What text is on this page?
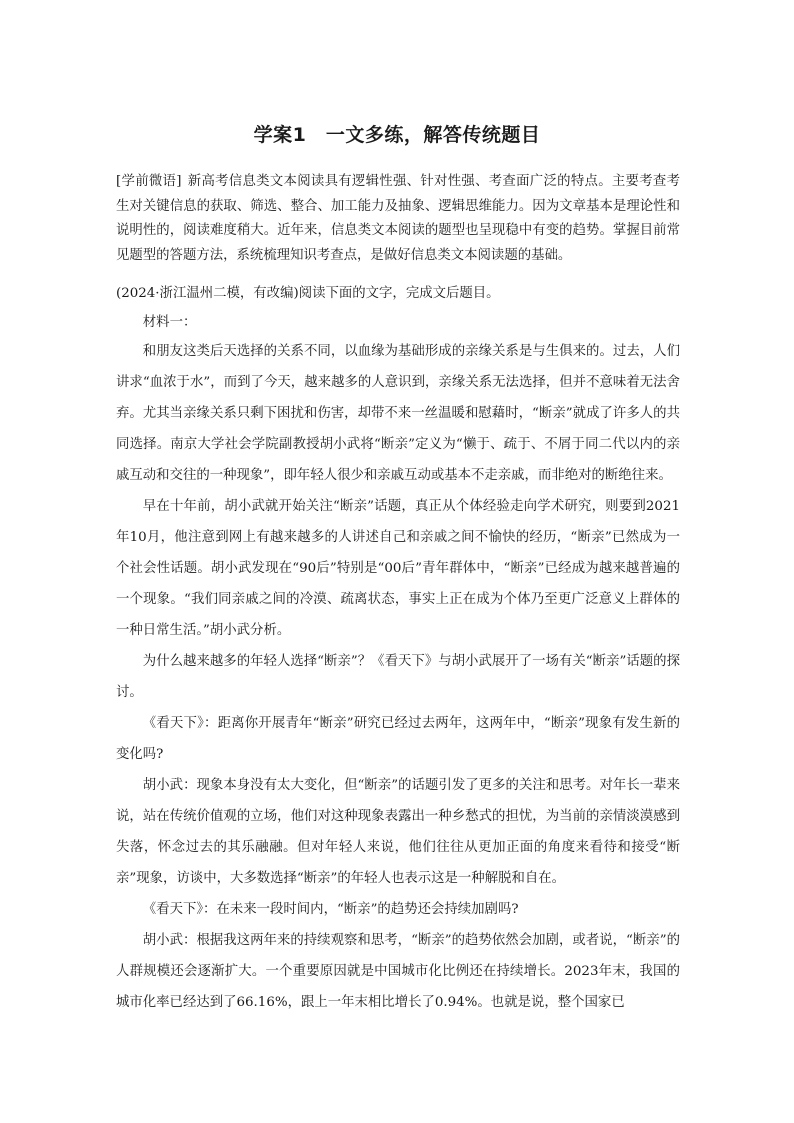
学案1　一文多练，解答传统题目

[学前微语] 新高考信息类文本阅读具有逻辑性强、针对性强、考查面广泛的特点。主要考查考生对关键信息的获取、筛选、整合、加工能力及抽象、逻辑思维能力。因为文章基本是理论性和说明性的，阅读难度稍大。近年来，信息类文本阅读的题型也呈现稳中有变的趋势。掌握目前常见题型的答题方法，系统梳理知识考查点，是做好信息类文本阅读题的基础。

(2024·浙江温州二模，有改编)阅读下面的文字，完成文后题目。

材料一：

和朋友这类后天选择的关系不同，以血缘为基础形成的亲缘关系是与生俱来的。过去，人们讲求“血浓于水”，而到了今天，越来越多的人意识到，亲缘关系无法选择，但并不意味着无法舍弃。尤其当亲缘关系只剩下困扰和伤害，却带不来一丝温暖和慰藉时，“断亲”就成了许多人的共同选择。南京大学社会学院副教授胡小武将“断亲”定义为“懒于、疏于、不屑于同二代以内的亲戚互动和交往的一种现象”，即年轻人很少和亲戚互动或基本不走亲戚，而非绝对的断绝往来。

早在十年前，胡小武就开始关注“断亲”话题，真正从个体经验走向学术研究，则要到2021年10月，他注意到网上有越来越多的人讲述自己和亲戚之间不愉快的经历，“断亲”已然成为一个社会性话题。胡小武发现在“90后”特别是“00后”青年群体中，“断亲”已经成为越来越普遍的一个现象。“我们同亲戚之间的冷漠、疏离状态，事实上正在成为个体乃至更广泛意义上群体的一种日常生活。”胡小武分析。

为什么越来越多的年轻人选择“断亲”？《看天下》与胡小武展开了一场有关“断亲”话题的探讨。

《看天下》：距离你开展青年“断亲”研究已经过去两年，这两年中，“断亲”现象有发生新的变化吗?

胡小武：现象本身没有太大变化，但“断亲”的话题引发了更多的关注和思考。对年长一辈来说，站在传统价值观的立场，他们对这种现象表露出一种乡愁式的担忧，为当前的亲情淡漠感到失落，怀念过去的其乐融融。但对年轻人来说，他们往往从更加正面的角度来看待和接受“断亲”现象，访谈中，大多数选择“断亲”的年轻人也表示这是一种解脱和自在。

《看天下》：在未来一段时间内，“断亲”的趋势还会持续加剧吗?

胡小武：根据我这两年来的持续观察和思考，“断亲”的趋势依然会加剧，或者说，“断亲”的人群规模还会逐渐扩大。一个重要原因就是中国城市化比例还在持续增长。2023年末，我国的城市化率已经达到了66.16%，跟上一年末相比增长了0.94%。也就是说，整个国家已
